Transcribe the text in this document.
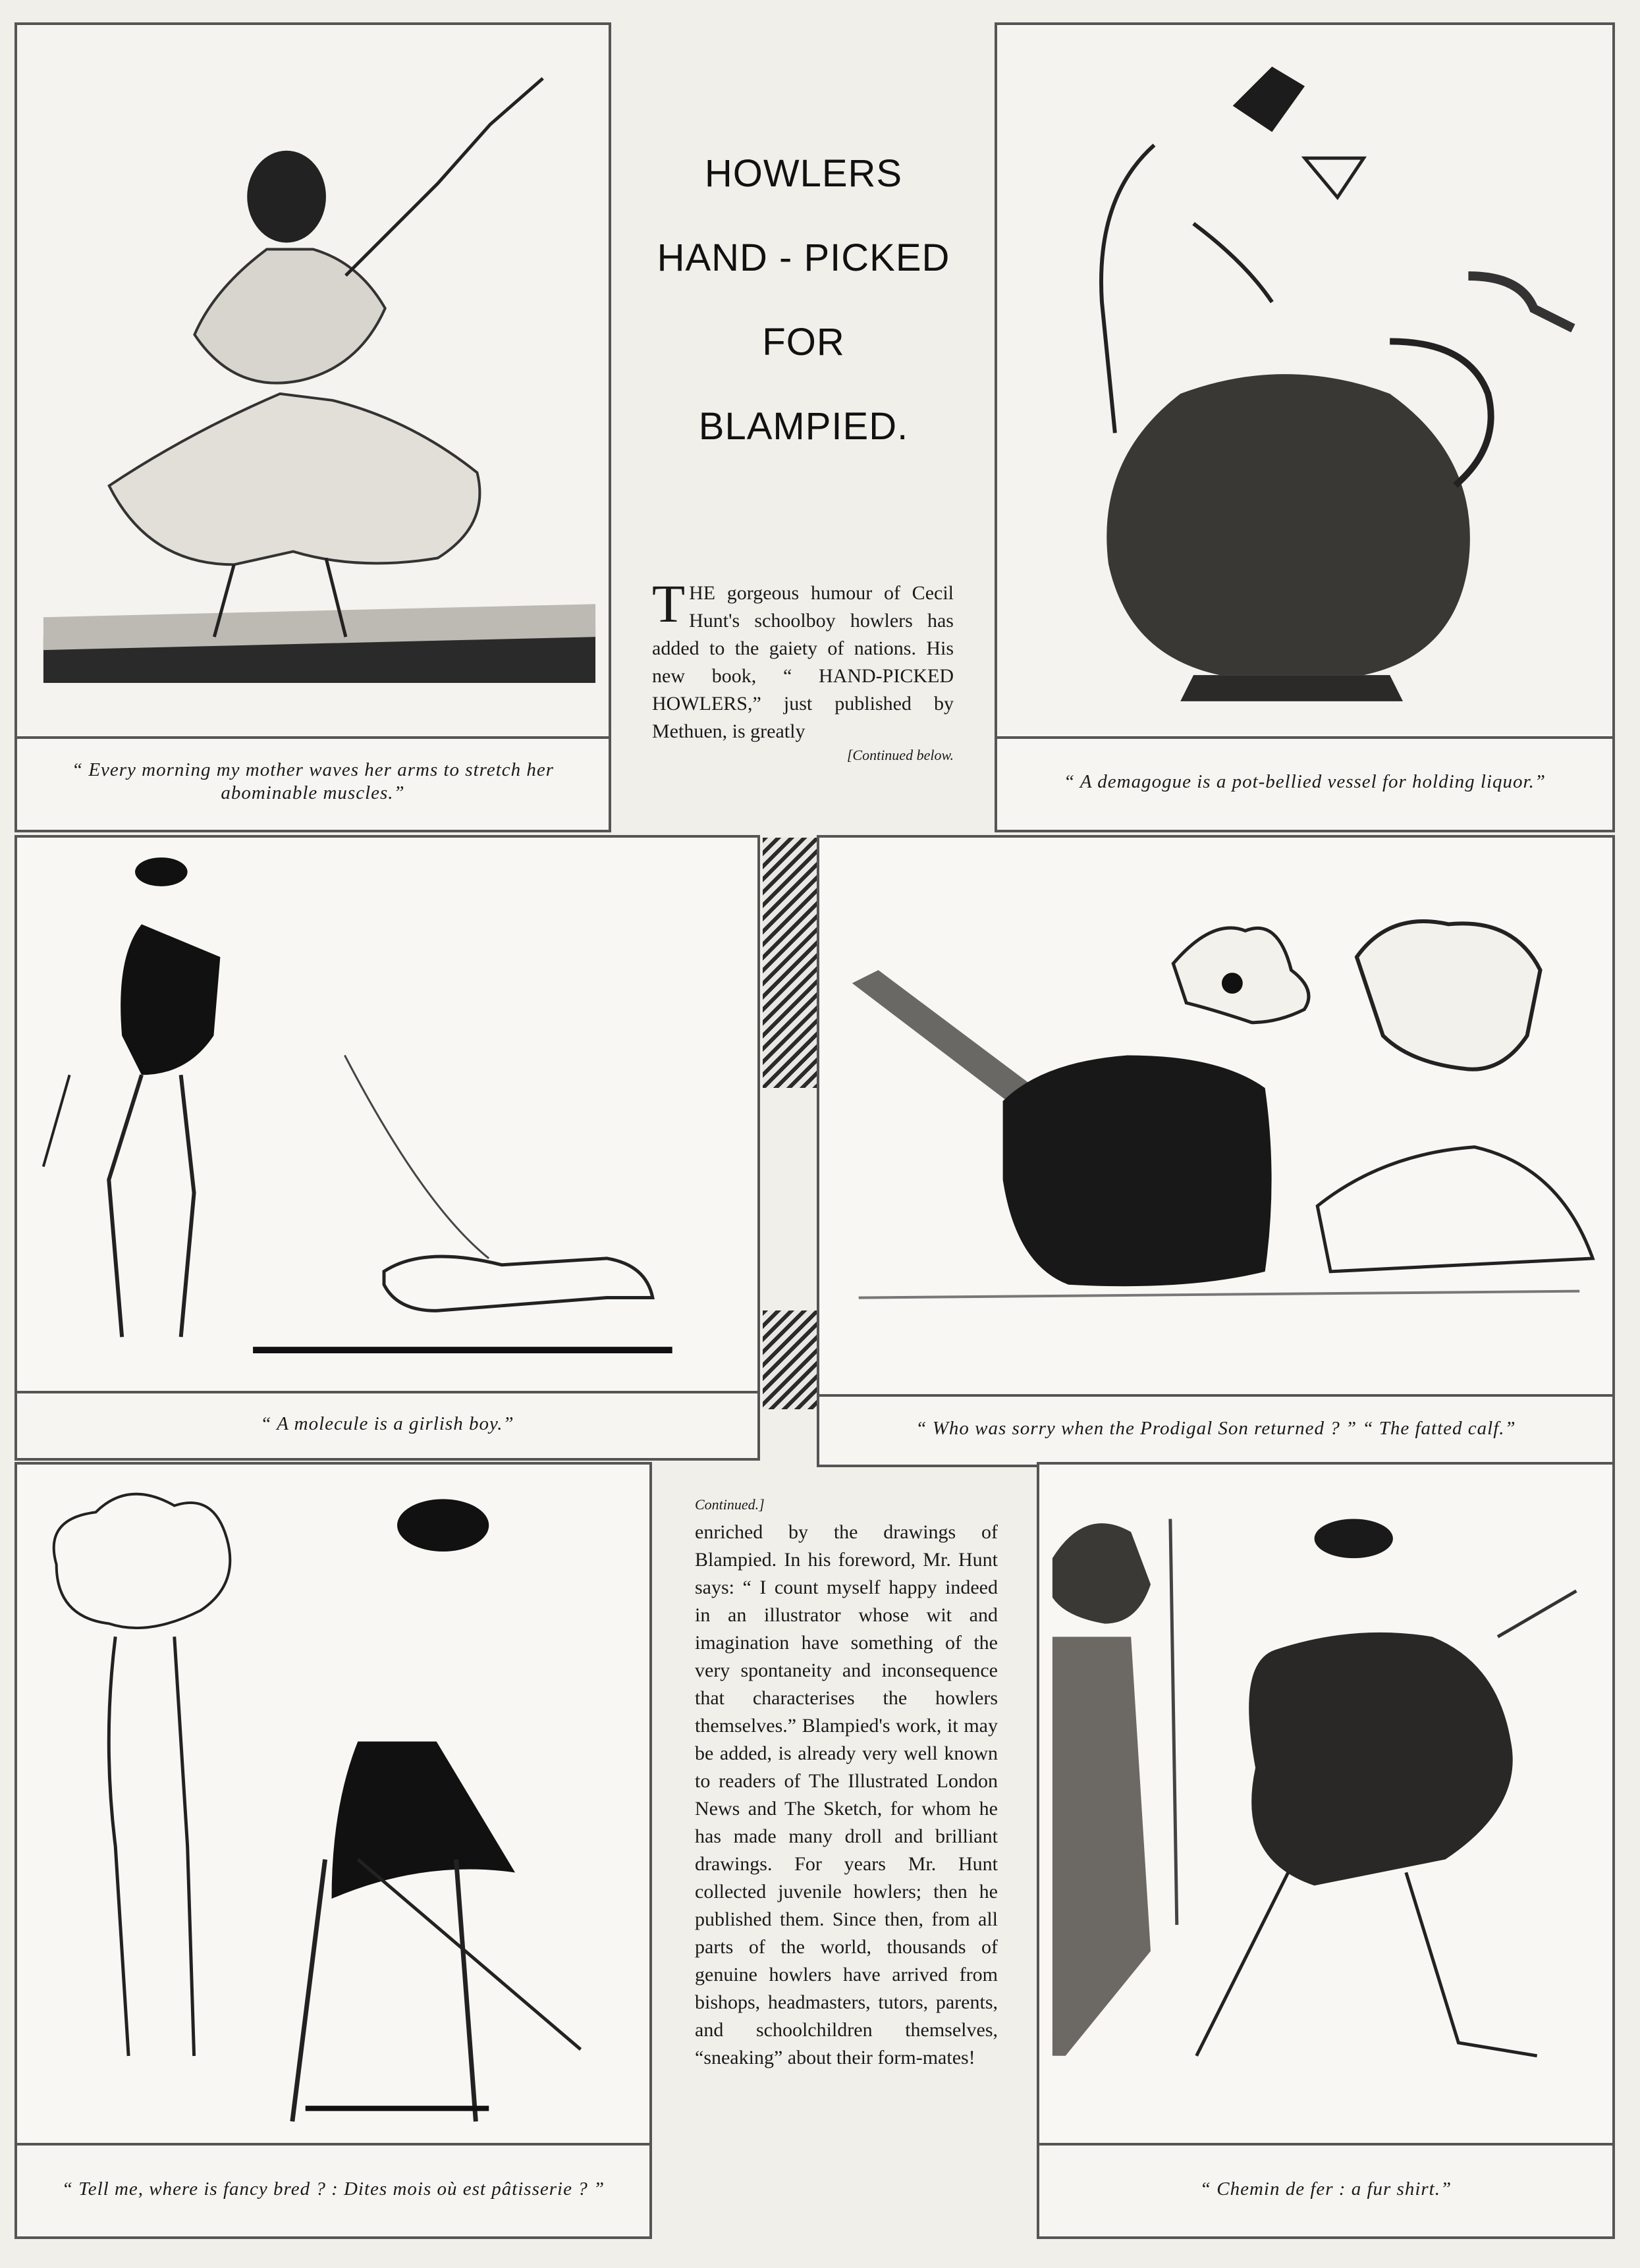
“ Every morning my mother waves her arms to stretch her abominable muscles.”
HOWLERS
HAND - PICKED
FOR
BLAMPIED.
THE gorgeous humour of Cecil Hunt's schoolboy howlers has added to the gaiety of nations. His new book, “ HAND-PICKED HOWLERS,” just published by Methuen, is greatly
[Continued below.
“ A demagogue is a pot-bellied vessel for holding liquor.”
“ A molecule is a girlish boy.”	“ Who was sorry when the Prodigal Son returned ? ” “ The fatted calf.”
“ Tell me, where is fancy bred ? : Dites mois où est pâtisserie ? ”
Continued.]
enriched by the drawings of Blampied. In his foreword, Mr. Hunt says: “ I count myself happy indeed in an illustrator whose wit and imagination have something of the very spontaneity and inconsequence that characterises the howlers themselves.” Blampied's work, it may be added, is already very well known to readers of The Illustrated London News and The Sketch, for whom he has made many droll and brilliant drawings. For years Mr. Hunt collected juvenile howlers; then he published them. Since then, from all parts of the world, thousands of genuine howlers have arrived from bishops, headmasters, tutors, parents, and schoolchildren themselves, “sneaking” about their form-mates!
“ Chemin de fer : a fur shirt.”
